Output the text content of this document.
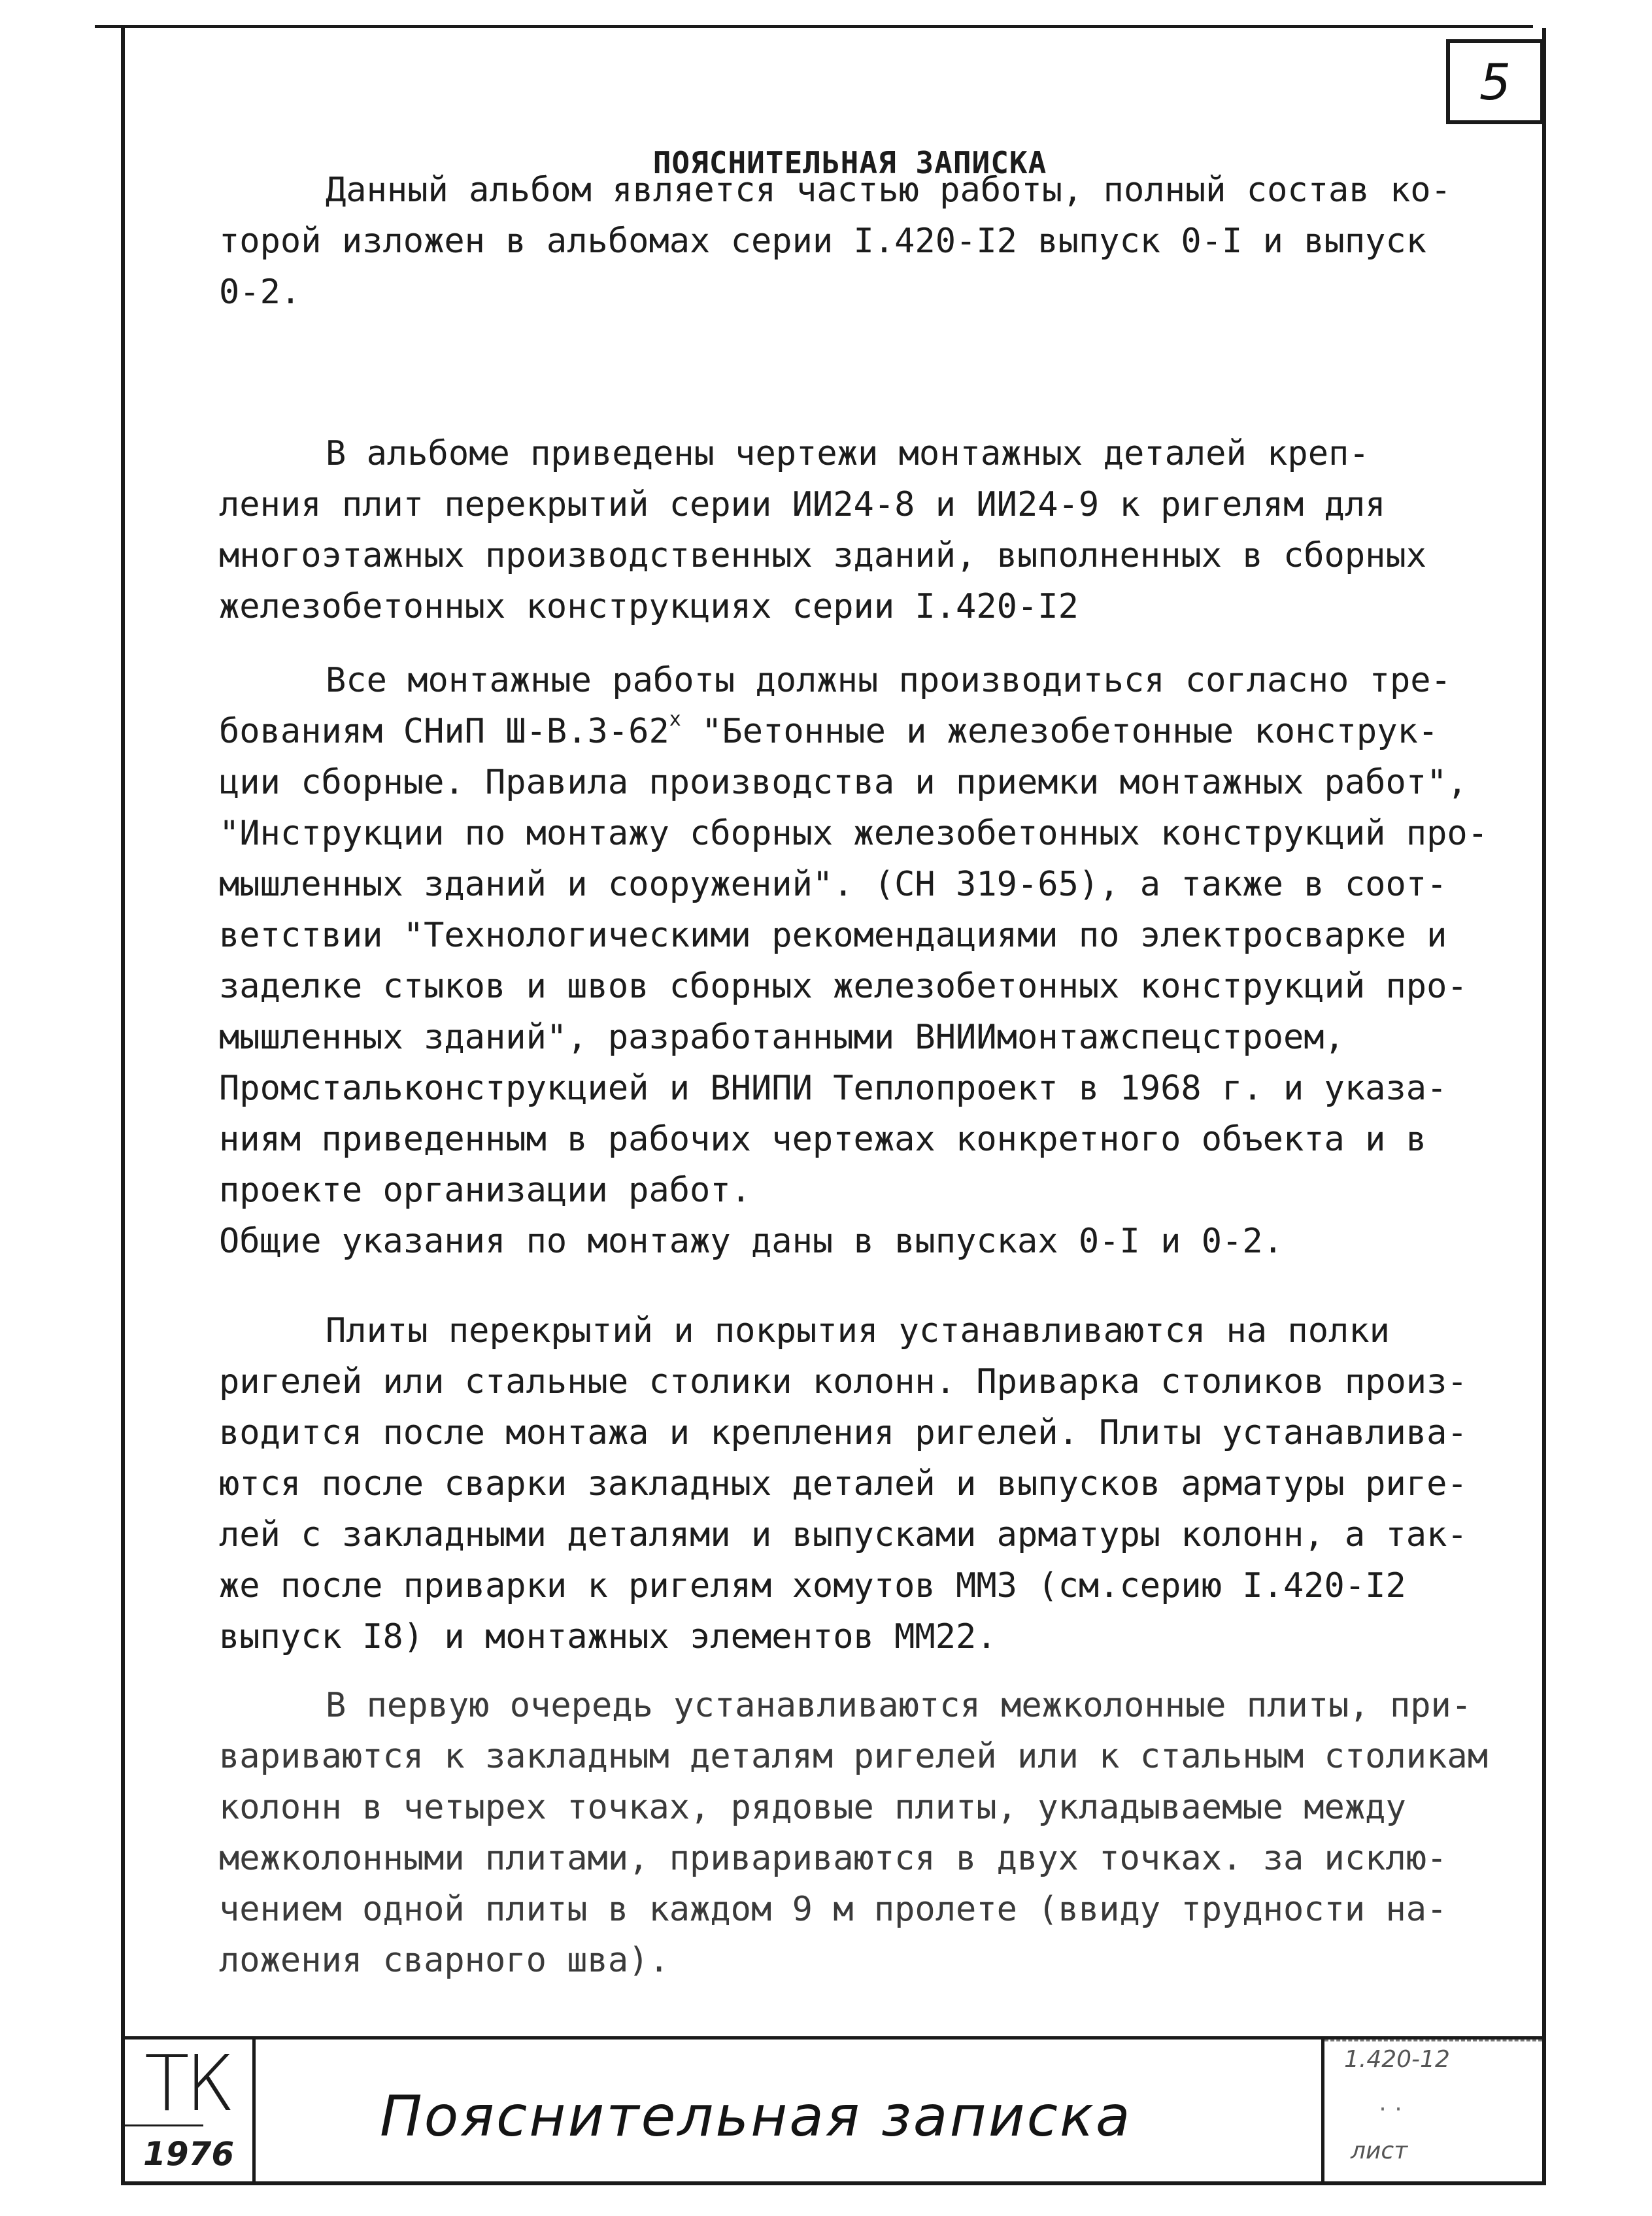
5
ПОЯСНИТЕЛЬНАЯ ЗАПИСКА
Данный альбом является частью работы, полный состав ко-
торой изложен в альбомах серии I.420-I2 выпуск 0-I и выпуск
0-2.
В альбоме приведены чертежи монтажных деталей креп-
ления плит перекрытий серии ИИ24-8 и ИИ24-9 к ригелям для
многоэтажных производственных зданий, выполненных в сборных
железобетонных конструкциях серии I.420-I2
Все монтажные работы должны производиться согласно тре-
бованиям СНиП $Ш-В.3-62^х$ "Бетонные и железобетонные конструк-
ции сборные. Правила производства и приемки монтажных работ",
"Инструкции по монтажу сборных железобетонных конструкций про-
мышленных зданий и сооружений". (СН 319-65), а также в соот-
ветствии "Технологическими рекомендациями по электросварке и
заделке стыков и швов сборных железобетонных конструкций про-
мышленных зданий", разработанными ВНИИмонтажспецстроем,
Промстальконструкцией и ВНИПИ Теплопроект в 1968 г. и указа-
ниям приведенным в рабочих чертежах конкретного объекта и в
проекте организации работ.
Общие указания по монтажу даны в выпусках 0-I и 0-2.
Плиты перекрытий и покрытия устанавливаются на полки
ригелей или стальные столики колонн. Приварка столиков произ-
водится после монтажа и крепления ригелей. Плиты устанавлива-
ются после сварки закладных деталей и выпусков арматуры риге-
лей с закладными деталями и выпусками арматуры колонн, а так-
же после приварки к ригелям хомутов ММ3 (см.серию I.420-I2
выпуск I8) и монтажных элементов ММ22.
В первую очередь устанавливаются межколонные плиты, при-
вариваются к закладным деталям ригелей или к стальным столикам
колонн в четырех точках, рядовые плиты, укладываемые между
межколонными плитами, привариваются в двух точках. за исклю-
чением одной плиты в каждом 9 м пролете (ввиду трудности на-
ложения сварного шва).
ТК
1976
Пояснительная записка
1.420-12
··
лист
